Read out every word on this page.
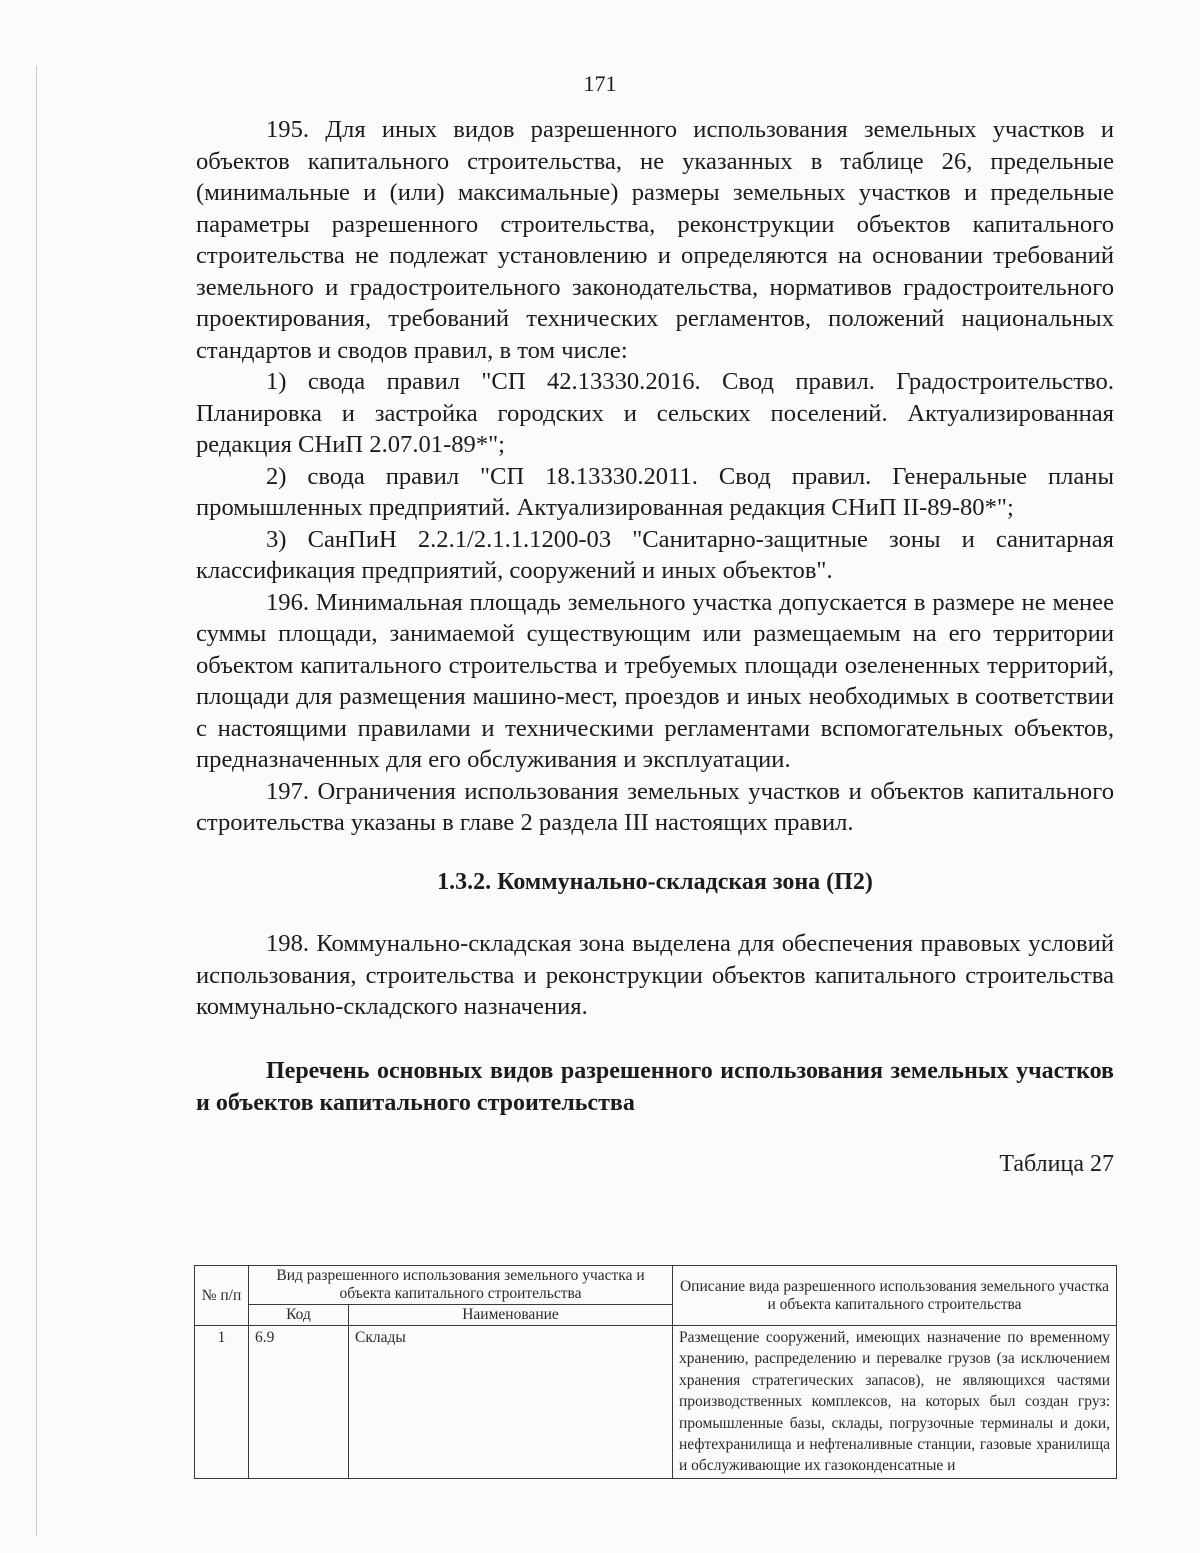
171

195. Для иных видов разрешенного использования земельных участков и объектов капитального строительства, не указанных в таблице 26, предельные (минимальные и (или) максимальные) размеры земельных участков и предельные параметры разрешенного строительства, реконструкции объектов капитального строительства не подлежат установлению и определяются на основании требований земельного и градостроительного законодательства, нормативов градостроительного проектирования, требований технических регламентов, положений национальных стандартов и сводов правил, в том числе:

1) свода правил "СП 42.13330.2016. Свод правил. Градостроительство. Планировка и застройка городских и сельских поселений. Актуализированная редакция СНиП 2.07.01-89*";

2) свода правил "СП 18.13330.2011. Свод правил. Генеральные планы промышленных предприятий. Актуализированная редакция СНиП II-89-80*";

3) СанПиН 2.2.1/2.1.1.1200-03 "Санитарно-защитные зоны и санитарная классификация предприятий, сооружений и иных объектов".

196. Минимальная площадь земельного участка допускается в размере не менее суммы площади, занимаемой существующим или размещаемым на его территории объектом капитального строительства и требуемых площади озелененных территорий, площади для размещения машино-мест, проездов и иных необходимых в соответствии с настоящими правилами и техническими регламентами вспомогательных объектов, предназначенных для его обслуживания и эксплуатации.

197. Ограничения использования земельных участков и объектов капитального строительства указаны в главе 2 раздела III настоящих правил.

1.3.2. Коммунально-складская зона (П2)

198. Коммунально-складская зона выделена для обеспечения правовых условий использования, строительства и реконструкции объектов капитального строительства коммунально-складского назначения.

Перечень основных видов разрешенного использования земельных участков и объектов капитального строительства
Таблица 27
№ п/п	Вид разрешенного использования земельного участка и объекта капитального строительства		Описание вида разрешенного использования земельного участка и объекта капитального строительства
	Код	Наименование	
1	6.9	Склады	Размещение сооружений, имеющих назначение по временному хранению, распределению и перевалке грузов (за исключением хранения стратегических запасов), не являющихся частями производственных комплексов, на которых был создан груз: промышленные базы, склады, погрузочные терминалы и доки, нефтехранилища и нефтеналивные станции, газовые хранилища и обслуживающие их газоконденсатные и
